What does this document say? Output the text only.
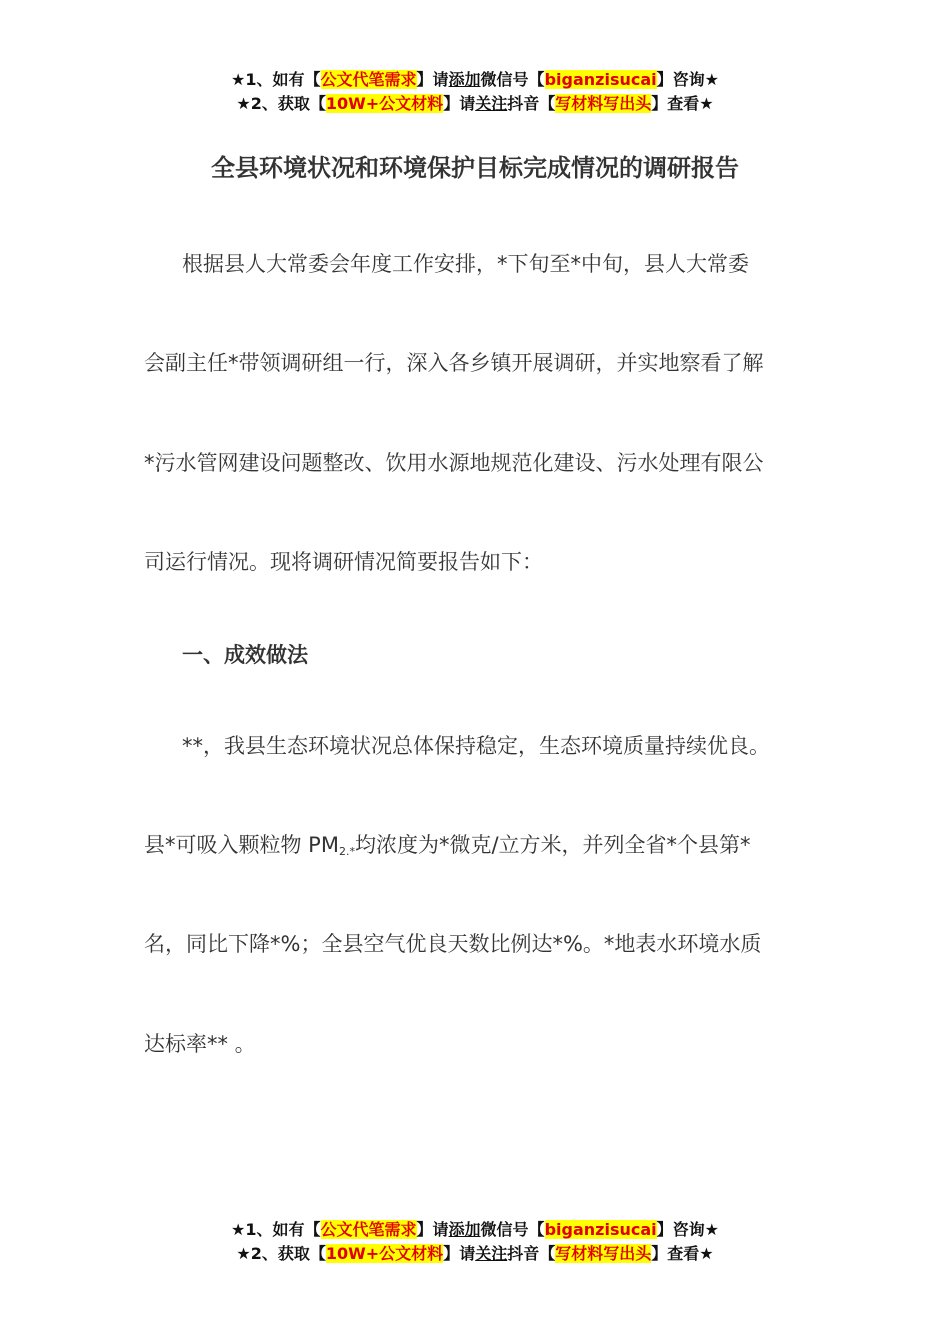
★1、如有【公文代笔需求】请添加微信号【biganzisucai】咨询★
★2、获取【10W+公文材料】请关注抖音【写材料写出头】查看★
全县环境状况和环境保护目标完成情况的调研报告
根据县人大常委会年度工作安排，*下旬至*中旬，县人大常委
会副主任*带领调研组一行，深入各乡镇开展调研，并实地察看了解
*污水管网建设问题整改、饮用水源地规范化建设、污水处理有限公
司运行情况。现将调研情况简要报告如下：
一、成效做法
**，我县生态环境状况总体保持稳定，生态环境质量持续优良。
县*可吸入颗粒物 $PM_{2.*}$均浓度为*微克/立方米，并列全省*个县第*
名，同比下降*%；全县空气优良天数比例达*%。*地表水环境水质
达标率** 。
★1、如有【公文代笔需求】请添加微信号【biganzisucai】咨询★
★2、获取【10W+公文材料】请关注抖音【写材料写出头】查看★
